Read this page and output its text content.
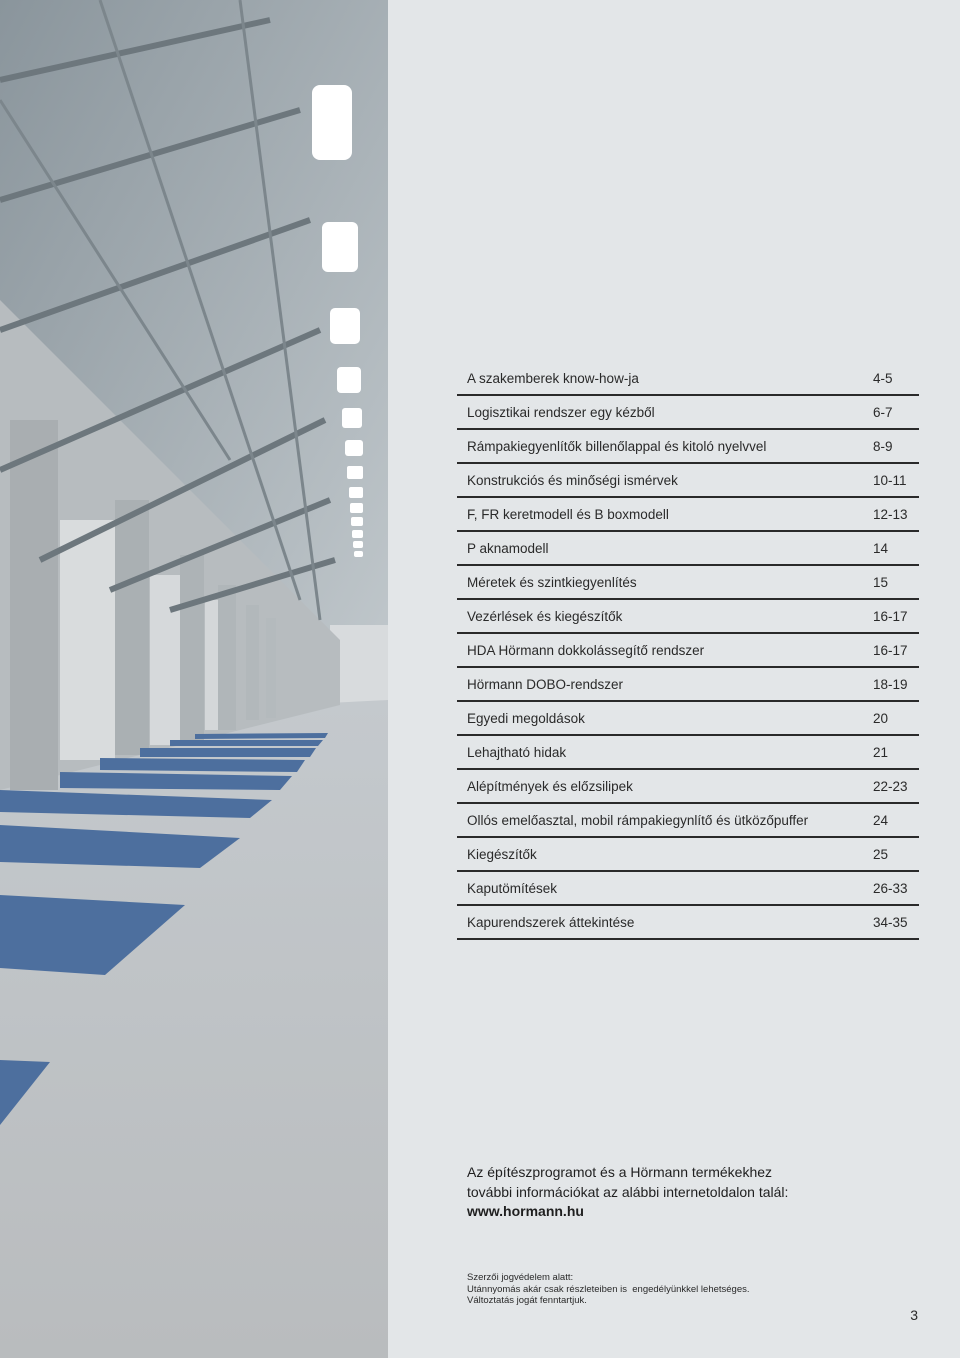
A szakemberek know-how-ja	4-5
Logisztikai rendszer egy kézből	6-7
Rámpakiegyenlítők billenőlappal és kitoló nyelvvel	8-9
Konstrukciós és minőségi ismérvek	10-11
F, FR keretmodell és B boxmodell	12-13
P aknamodell	14
Méretek és szintkiegyenlítés	15
Vezérlések és kiegészítők	16-17
HDA Hörmann dokkolássegítő rendszer	16-17
Hörmann DOBO-rendszer	18-19
Egyedi megoldások	20
Lehajtható hidak	21
Alépítmények és előzsilipek	22-23
Ollós emelőasztal, mobil rámpakiegynlítő és ütközőpuffer	24
Kiegészítők	25
Kaputömítések	26-33
Kapurendszerek áttekintése	34-35
Az építészprogramot és a Hörmann termékekhez
további információkat az alábbi internetoldalon talál:
www.hormann.hu
Szerzői jogvédelem alatt:
Utánnyomás akár csak részleteiben is  engedélyünkkel lehetséges.
Változtatás jogát fenntartjuk.
3
